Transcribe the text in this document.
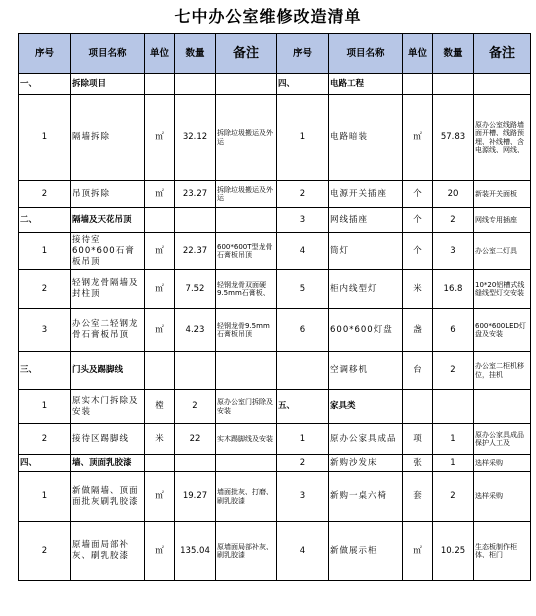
七中办公室维修改造清单
序号	项目名称	单位	数量	备注	序号	项目名称	单位	数量	备注
一、	拆除项目				四、	电路工程			
1	隔墙拆除	㎡	32.12	拆除垃圾搬运及外运	1	电路暗装	㎡	57.83	原办公室线路墙面开槽、线路预埋、补线槽、含电源线、网线、
2	吊顶拆除	㎡	23.27	拆除垃圾搬运及外运	2	电源开关插座	个	20	新装开关面板
二、	隔墙及天花吊顶				3	网线插座	个	2	网线专用插座
1	接待室600*600石膏板吊顶	㎡	22.37	600*600T型龙骨石膏板吊顶	4	筒灯	个	3	办公室二灯具
2	轻钢龙骨隔墙及封柱顶	㎡	7.52	轻钢龙骨双面硬9.5mm石膏板、	5	柜内线型灯	米	16.8	10*20铝槽式线缝线型灯交安装
3	办公室二轻钢龙骨石膏板吊顶	㎡	4.23	轻钢龙骨9.5mm石膏板吊顶	6	600*600灯盘	盏	6	600*600LED灯盘及安装
三、	门头及踢脚线					空调移机	台	2	办公室二柜机移位，挂机
1	原实木门拆除及安装	樘	2	原办公室门拆除及安装	五、	家具类			
2	接待区踢脚线	米	22	实木踢脚线及安装	1	原办公家具成品	项	1	原办公家具成品保护人工及
四、	墙、顶面乳胶漆				2	新购沙发床	张	1	选样采购
1	新做隔墙、顶面面批灰刷乳胶漆	㎡	19.27	墙面批灰、打磨、刷乳胶漆	3	新购一桌六椅	套	2	选样采购
2	原墙面局部补灰、刷乳胶漆	㎡	135.04	原墙面局部补灰、刷乳胶漆	4	新做展示柜	㎡	10.25	生态板制作柜体、柜门
